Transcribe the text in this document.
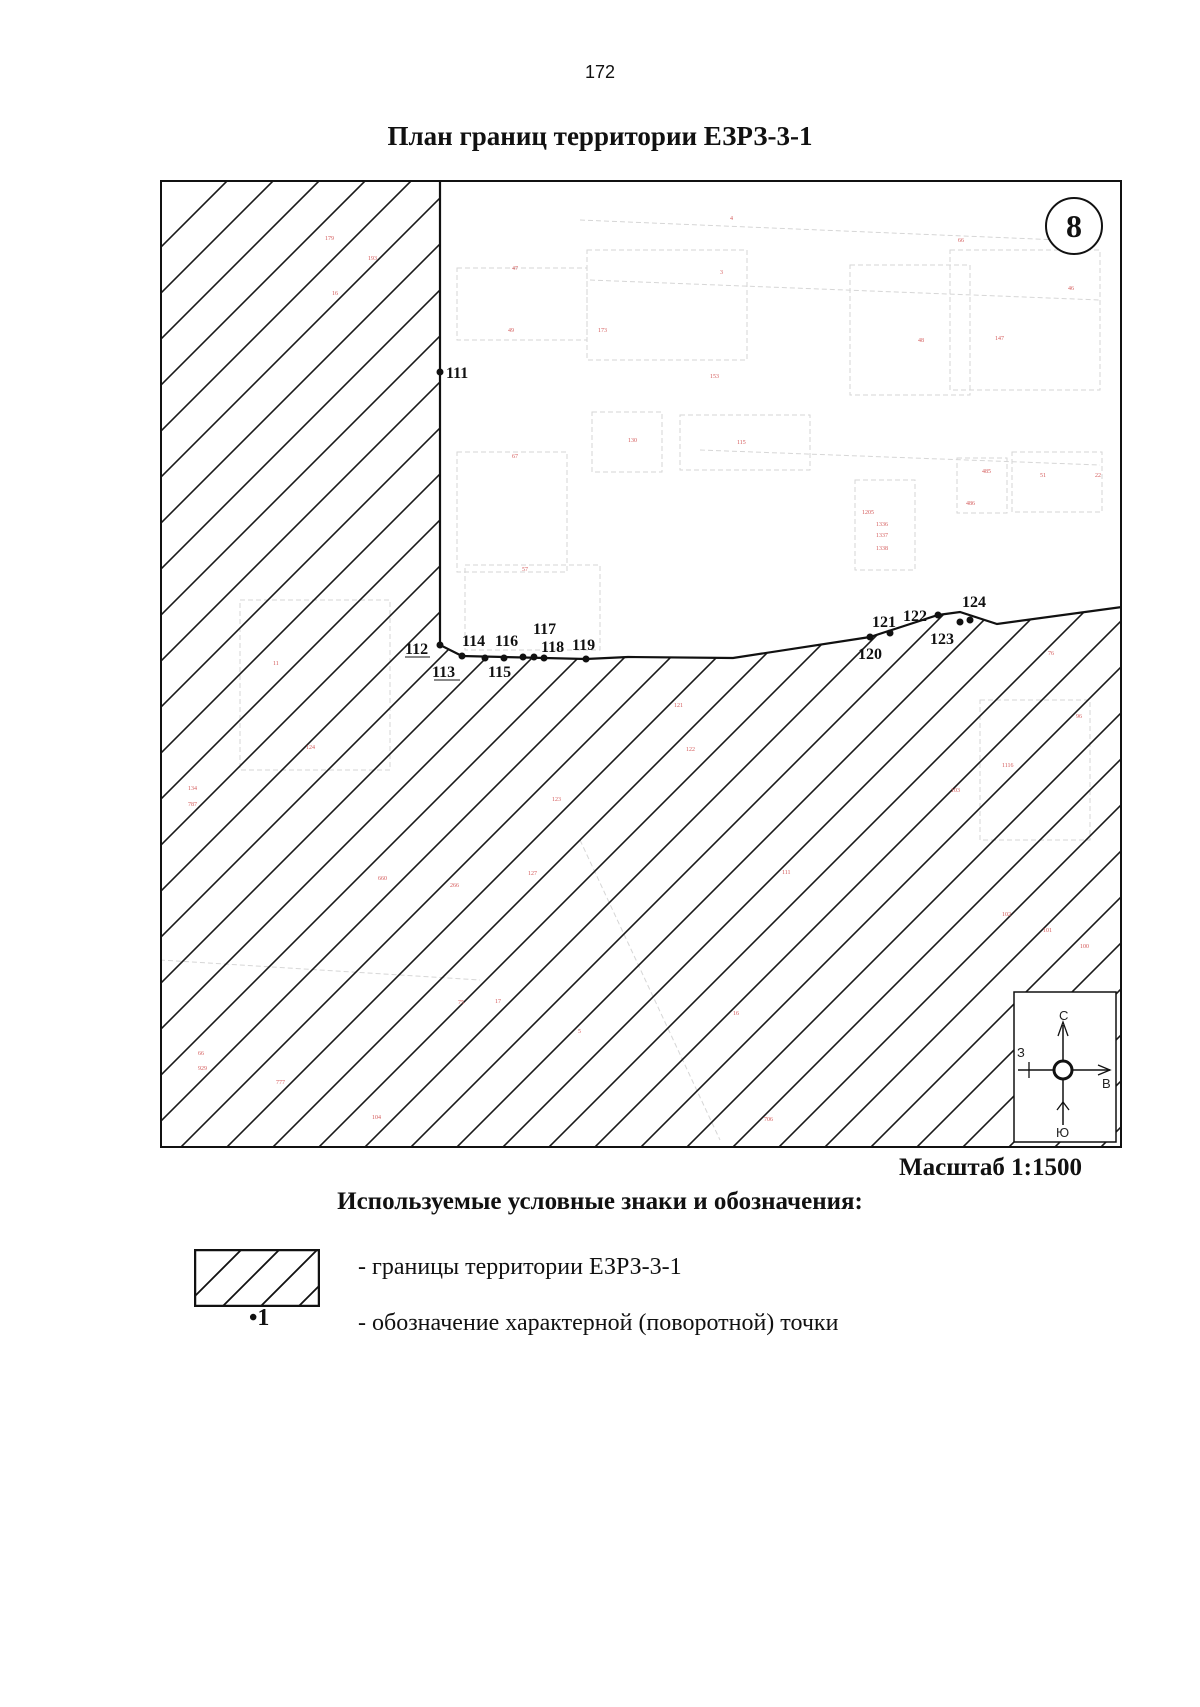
172
План границ территории ЕЗРЗ-3-1
47
49	173
153
130	115
67
57
4
3
66
48	147
46
485
486
51	22
1205
1336
1337
1338
76
96
1116
103
102
101
100
111
122
121
123
127
124
134
787
660
266
66
75
929
777
104	706
17
5
16
11
16
193
179
111
112
113
114
115
116
117
118 119
120
121 122
123
124
8
С
Ю
В
З
Масштаб 1:1500
Используемые условные знаки и обозначения:
•1
- границы территории ЕЗРЗ-3-1
- обозначение характерной (поворотной) точки
